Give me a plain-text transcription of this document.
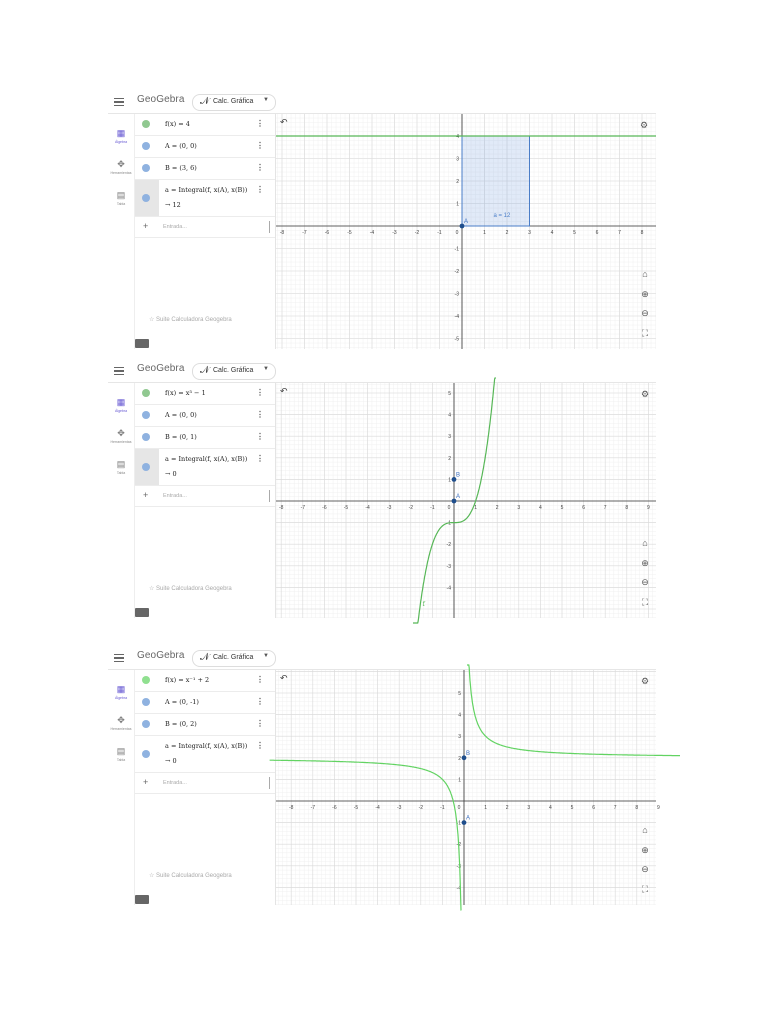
GeoGebra 𝒩 Calc. Gráfica ▼
▦
Álgebra
✥
Herramientas
▤
Tabla
f(x) = 4	⋮
A = (0, 0)	⋮
B = (3, 6)	⋮
a = Integral(f, x(A), x(B))
→ 12
⋮
+	Entrada...
☆ Suite Calculadora Geogebra
-8	-7	-6	-5	-4	-3	-2	-1	0	1	2	3	4	5	6	7	8
4
3
2
1
-1
-2
-3
-4
-5
a = 12
A
↶	⚙
⌂
⊕
⊖
⛶
GeoGebra 𝒩 Calc. Gráfica ▼
▦
Álgebra
✥
Herramientas
▤
Tabla
f(x) = x³ − 1	⋮
A = (0, 0)	⋮
B = (0, 1)	⋮
a = Integral(f, x(A), x(B))
→ 0
⋮
+	Entrada...
☆ Suite Calculadora Geogebra
-8	-7	-6	-5	-4	-3	-2	-1	0	1	2	3	4	5	6	7	8	9
5
4
3
2
1
-1
-2
-3
-4
f
B
A
↶	⚙
⌂
⊕
⊖
⛶
GeoGebra 𝒩 Calc. Gráfica ▼
▦
Álgebra
✥
Herramientas
▤
Tabla
f(x) = x⁻¹ + 2	⋮
A = (0, -1)	⋮
B = (0, 2)	⋮
a = Integral(f, x(A), x(B))
→ 0
⋮
+	Entrada...
☆ Suite Calculadora Geogebra
-8	-7	-6	-5	-4	-3	-2	-1	0	1	2	3	4	5	6	7	8	9
5
4
3
2
1
-1
-2
-3
-4
B
A
↶	⚙
⌂
⊕
⊖
⛶
